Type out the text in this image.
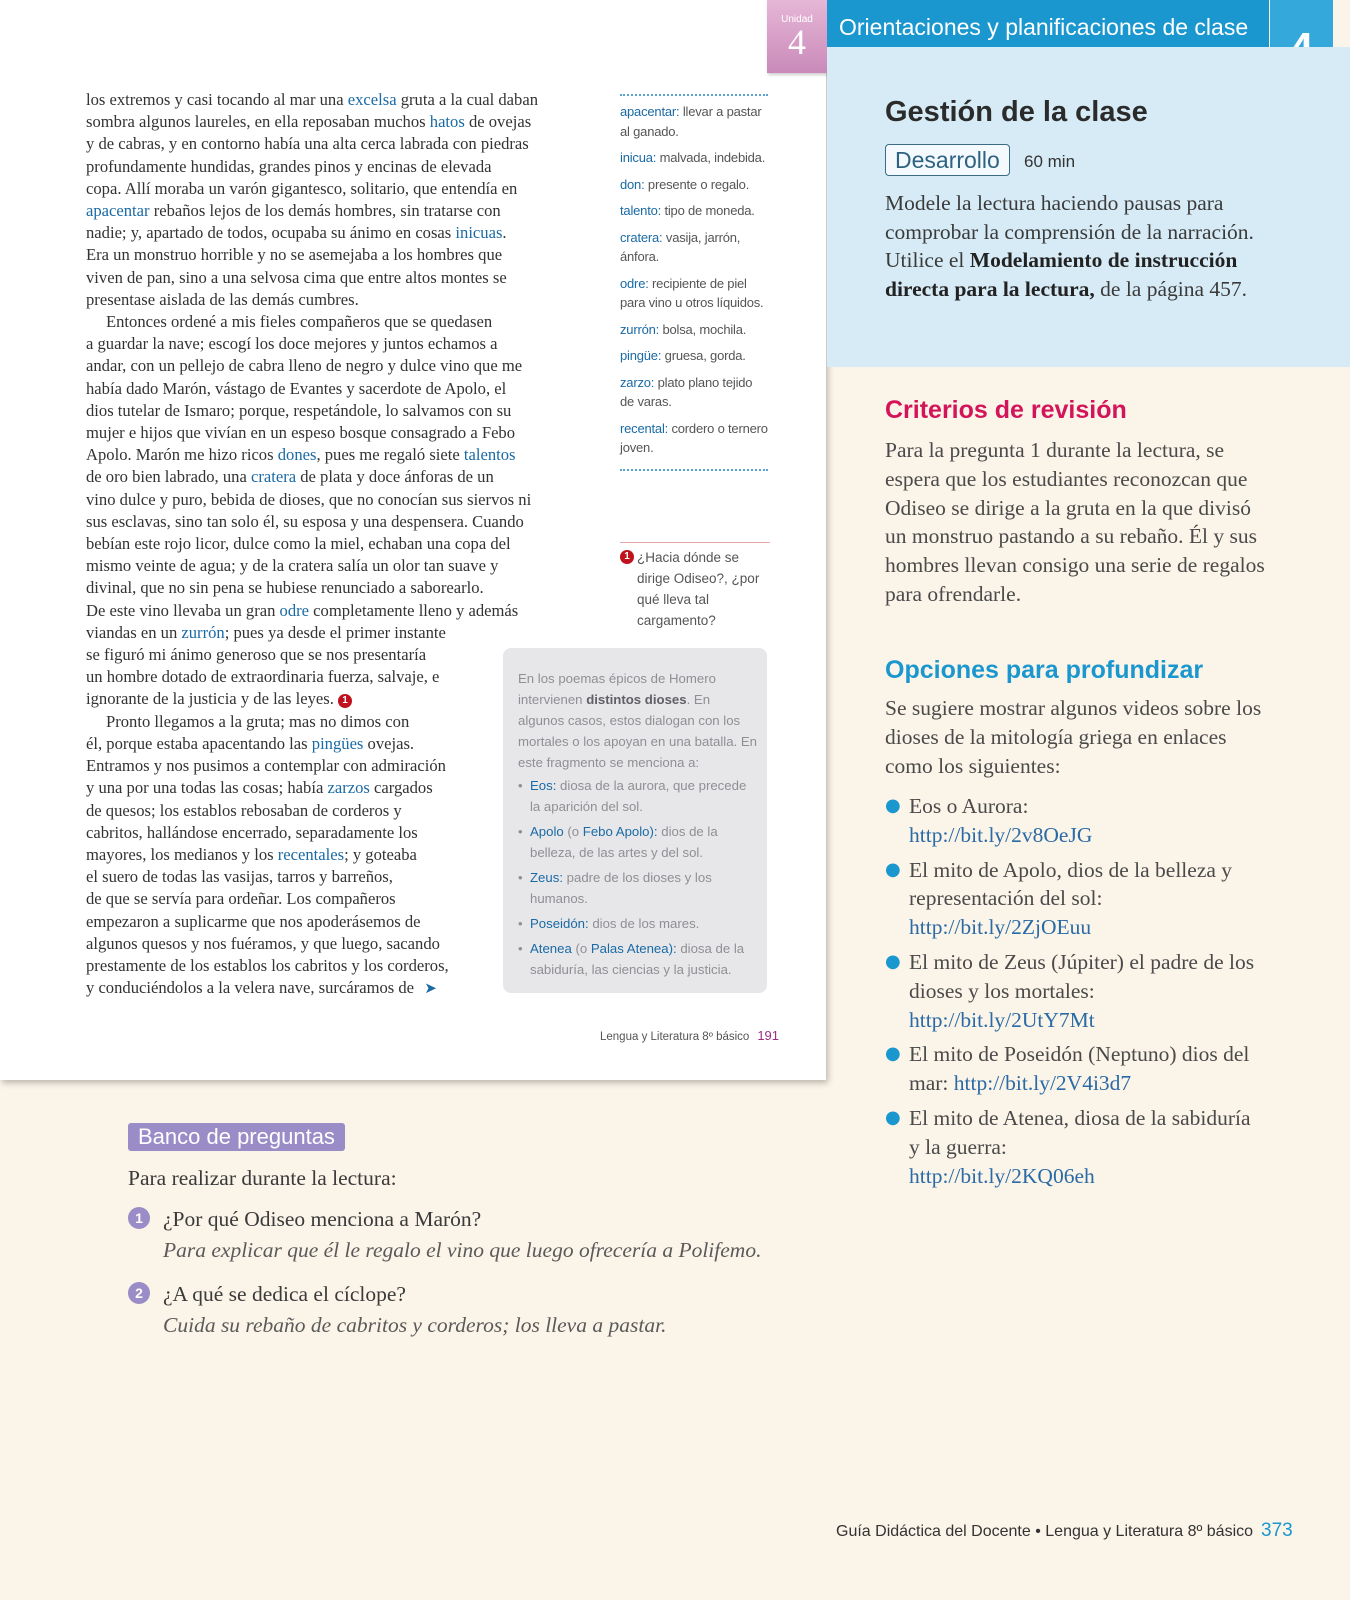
Unidad
4
los extremos y casi tocando al mar una excelsa gruta a la cual daban
sombra algunos laureles, en ella reposaban muchos hatos de ovejas
y de cabras, y en contorno había una alta cerca labrada con piedras
profundamente hundidas, grandes pinos y encinas de elevada
copa. Allí moraba un varón gigantesco, solitario, que entendía en
apacentar rebaños lejos de los demás hombres, sin tratarse con
nadie; y, apartado de todos, ocupaba su ánimo en cosas inicuas.
Era un monstruo horrible y no se asemejaba a los hombres que
viven de pan, sino a una selvosa cima que entre altos montes se
presentase aislada de las demás cumbres.
Entonces ordené a mis fieles compañeros que se quedasen
a guardar la nave; escogí los doce mejores y juntos echamos a
andar, con un pellejo de cabra lleno de negro y dulce vino que me
había dado Marón, vástago de Evantes y sacerdote de Apolo, el
dios tutelar de Ismaro; porque, respetándole, lo salvamos con su
mujer e hijos que vivían en un espeso bosque consagrado a Febo
Apolo. Marón me hizo ricos dones, pues me regaló siete talentos
de oro bien labrado, una cratera de plata y doce ánforas de un
vino dulce y puro, bebida de dioses, que no conocían sus siervos ni
sus esclavas, sino tan solo él, su esposa y una despensera. Cuando
bebían este rojo licor, dulce como la miel, echaban una copa del
mismo veinte de agua; y de la cratera salía un olor tan suave y
divinal, que no sin pena se hubiese renunciado a saborearlo.
De este vino llevaba un gran odre completamente lleno y además
viandas en un zurrón; pues ya desde el primer instante
se figuró mi ánimo generoso que se nos presentaría
un hombre dotado de extraordinaria fuerza, salvaje, e
ignorante de la justicia y de las leyes. 1
Pronto llegamos a la gruta; mas no dimos con
él, porque estaba apacentando las pingües ovejas.
Entramos y nos pusimos a contemplar con admiración
y una por una todas las cosas; había zarzos cargados
de quesos; los establos rebosaban de corderos y
cabritos, hallándose encerrado, separadamente los
mayores, los medianos y los recentales; y goteaba
el suero de todas las vasijas, tarros y barreños,
de que se servía para ordeñar. Los compañeros
empezaron a suplicarme que nos apoderásemos de
algunos quesos y nos fuéramos, y que luego, sacando
prestamente de los establos los cabritos y los corderos,
y conduciéndolos a la velera nave, surcáramos de ➤
apacentar: llevar a pastar al ganado.
inicua: malvada, indebida.
don: presente o regalo.
talento: tipo de moneda.
cratera: vasija, jarrón, ánfora.
odre: recipiente de piel para vino u otros líquidos.
zurrón: bolsa, mochila.
pingüe: gruesa, gorda.
zarzo: plato plano tejido de varas.
recental: cordero o ternero joven.
1 ¿Hacia dónde se dirige Odiseo?, ¿por qué lleva tal cargamento?
En los poemas épicos de Homero intervienen distintos dioses. En algunos casos, estos dialogan con los mortales o los apoyan en una batalla. En este fragmento se menciona a:
• Eos: diosa de la aurora, que precede la aparición del sol.
• Apolo (o Febo Apolo): dios de la belleza, de las artes y del sol.
• Zeus: padre de los dioses y los humanos.
• Poseidón: dios de los mares.
• Atenea (o Palas Atenea): diosa de la sabiduría, las ciencias y la justicia.
Lengua y Literatura 8º básico 191
Orientaciones y planificaciones de clase
Gestión de la clase
Desarrollo	60 min
Modele la lectura haciendo pausas para comprobar la comprensión de la narración. Utilice el Modelamiento de instrucción directa para la lectura, de la página 457.
Criterios de revisión
Para la pregunta 1 durante la lectura, se espera que los estudiantes reconozcan que Odiseo se dirige a la gruta en la que divisó un monstruo pastando a su rebaño. Él y sus hombres llevan consigo una serie de regalos para ofrendarle.
Opciones para profundizar
Se sugiere mostrar algunos videos sobre los dioses de la mitología griega en enlaces como los siguientes:
● Eos o Aurora:
http://bit.ly/2v8OeJG
● El mito de Apolo, dios de la belleza y representación del sol:
http://bit.ly/2ZjOEuu
● El mito de Zeus (Júpiter) el padre de los dioses y los mortales:
http://bit.ly/2UtY7Mt
● El mito de Poseidón (Neptuno) dios del mar: http://bit.ly/2V4i3d7
● El mito de Atenea, diosa de la sabiduría y la guerra:
http://bit.ly/2KQ06eh
Banco de preguntas
Para realizar durante la lectura:
1 ¿Por qué Odiseo menciona a Marón?
Para explicar que él le regalo el vino que luego ofrecería a Polifemo.
2 ¿A qué se dedica el cíclope?
Cuida su rebaño de cabritos y corderos; los lleva a pastar.
Guía Didáctica del Docente • Lengua y Literatura 8º básico 373
